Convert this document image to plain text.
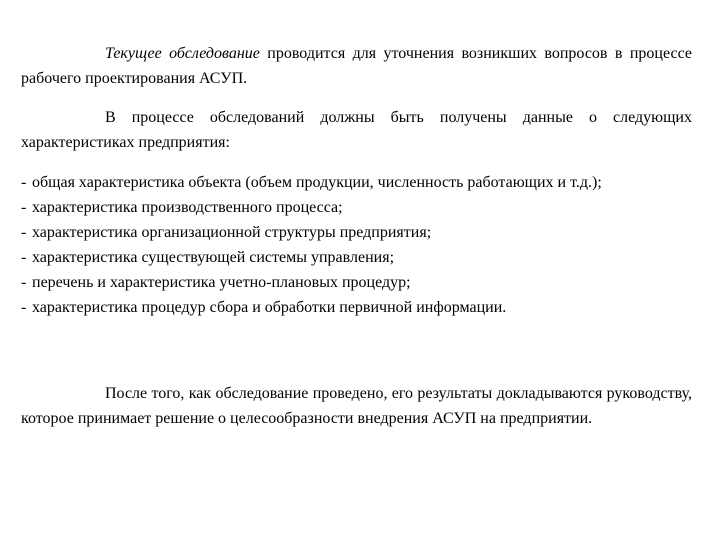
Текущее обследование проводится для уточнения возникших вопросов в процессе рабочего проектирования АСУП.

В процессе обследований должны быть получены данные о следующих характеристиках предприятия:

- общая характеристика объекта (объем продукции, численность работающих и т.д.);
- характеристика производственного процесса;
- характеристика организационной структуры предприятия;
- характеристика существующей системы управления;
- перечень и характеристика учетно-плановых процедур;
- характеристика процедур сбора и обработки первичной информации.

После того, как обследование проведено, его результаты докладываются руководству, которое принимает решение о целесообразности внедрения АСУП на предприятии.
